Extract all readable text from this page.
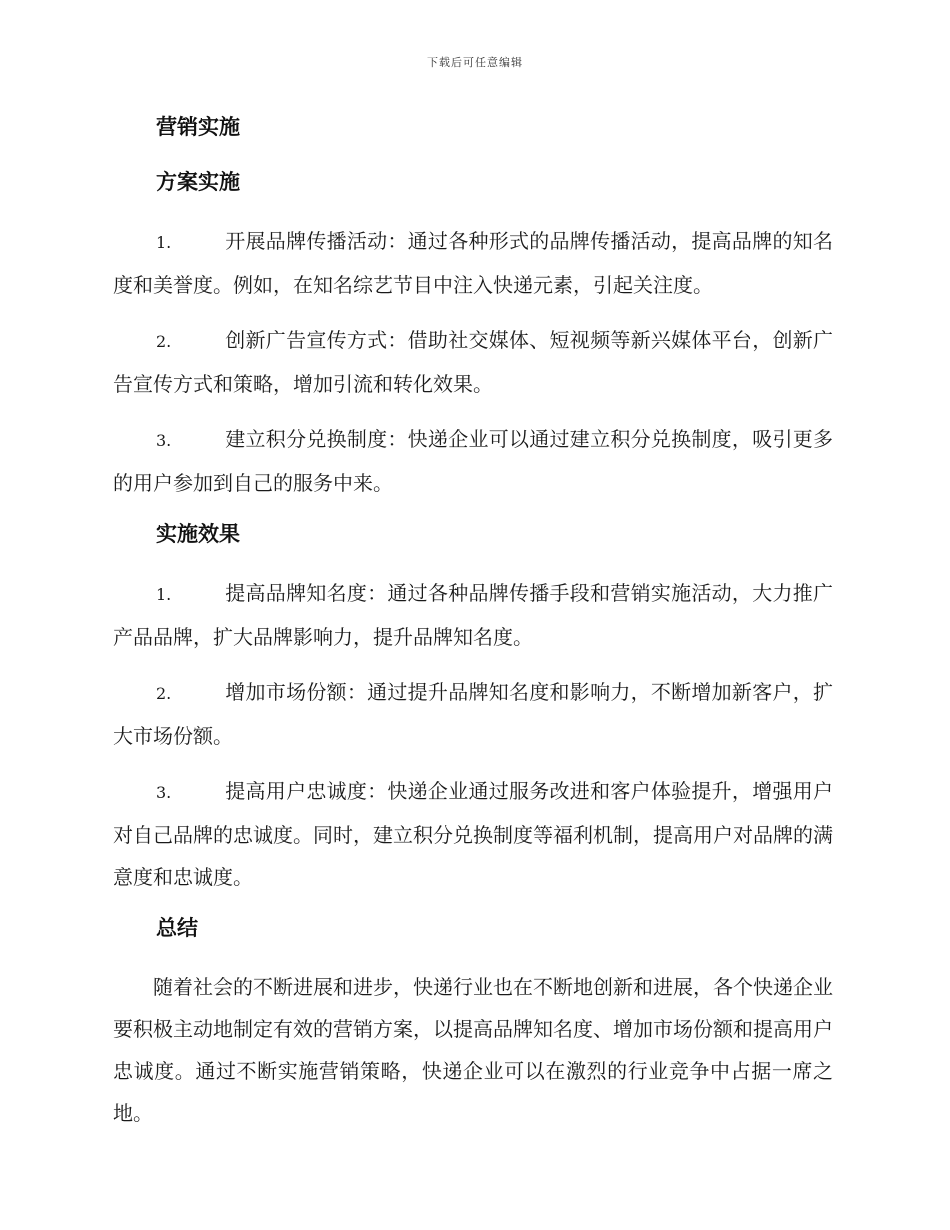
下载后可任意编辑
营销实施
方案实施
1.	开展品牌传播活动：通过各种形式的品牌传播活动，提高品牌的知名度和美誉度。例如，在知名综艺节目中注入快递元素，引起关注度。
2.	创新广告宣传方式：借助社交媒体、短视频等新兴媒体平台，创新广告宣传方式和策略，增加引流和转化效果。
3.	建立积分兑换制度：快递企业可以通过建立积分兑换制度，吸引更多的用户参加到自己的服务中来。
实施效果
1.	提高品牌知名度：通过各种品牌传播手段和营销实施活动，大力推广产品品牌，扩大品牌影响力，提升品牌知名度。
2.	增加市场份额：通过提升品牌知名度和影响力，不断增加新客户，扩大市场份额。
3.	提高用户忠诚度：快递企业通过服务改进和客户体验提升，增强用户对自己品牌的忠诚度。同时，建立积分兑换制度等福利机制，提高用户对品牌的满意度和忠诚度。
总结

随着社会的不断进展和进步，快递行业也在不断地创新和进展，各个快递企业要积极主动地制定有效的营销方案，以提高品牌知名度、增加市场份额和提高用户忠诚度。通过不断实施营销策略，快递企业可以在激烈的行业竞争中占据一席之地。
